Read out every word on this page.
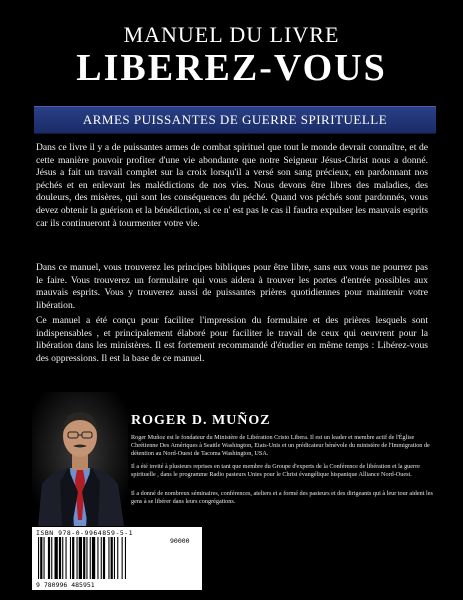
MANUEL DU LIVRE
LIBEREZ-VOUS
ARMES PUISSANTES DE GUERRE SPIRITUELLE
Dans ce livre il y a de puissantes armes de combat spirituel que tout le monde devrait connaître, et de cette manière pouvoir profiter d'une vie abondante que notre Seigneur Jésus-Christ nous a donné. Jésus a fait un travail complet sur la croix lorsqu'il a versé son sang précieux, en pardonnant nos péchés et en enlevant les malédictions de nos vies. Nous devons être libres des maladies, des douleurs, des misères, qui sont les conséquences du péché. Quand vos péchés sont pardonnés, vous devez obtenir la guérison et la bénédiction, si ce n' est pas le cas il faudra expulser les mauvais esprits car ils continueront à tourmenter votre vie.
Dans ce manuel, vous trouverez les principes bibliques pour être libre, sans eux vous ne pourrez pas le faire. Vous trouverez un formulaire qui vous aidera à trouver les portes d'entrée possibles aux mauvais esprits. Vous y trouverez aussi de puissantes prières quotidiennes pour maintenir votre libération.
Ce manuel a été conçu pour faciliter l'impression du formulaire et des prières lesquels sont indispensables , et principalement élaboré pour faciliter le travail de ceux qui oeuvrent pour la libération dans les ministères. Il est fortement recommandé d'étudier en même temps : Libérez-vous des oppressions. Il est la base de ce manuel.
ROGER D. MUÑOZ
Roger Muñoz est le fondateur du Ministère de Libération Cristo Libera. Il est un leader et membre actif de l'Église Chrétienne Des Amériques à Seattle Washington, Etats-Unis et un prédicateur bénévole du ministère de l'Immigration de détention au Nord-Ouest de Tacoma Washington, USA.
Il a été invité à plusieurs reprises en tant que membre du Groupe d'experts de la Conférence de libération et la guerre spirituelle , dans le programme Radio pasteurs Unies pour le Christ évangélique hispanique Alliance Nord-Ouest.
Il a donné de nombreux séminaires, conférences, ateliers et a formé des pasteurs et des dirigeants qui à leur tour aident les gens à se libérer dans leurs congrégations.
ISBN 978-0-9964859-5-1
90000
9 780996 485951
